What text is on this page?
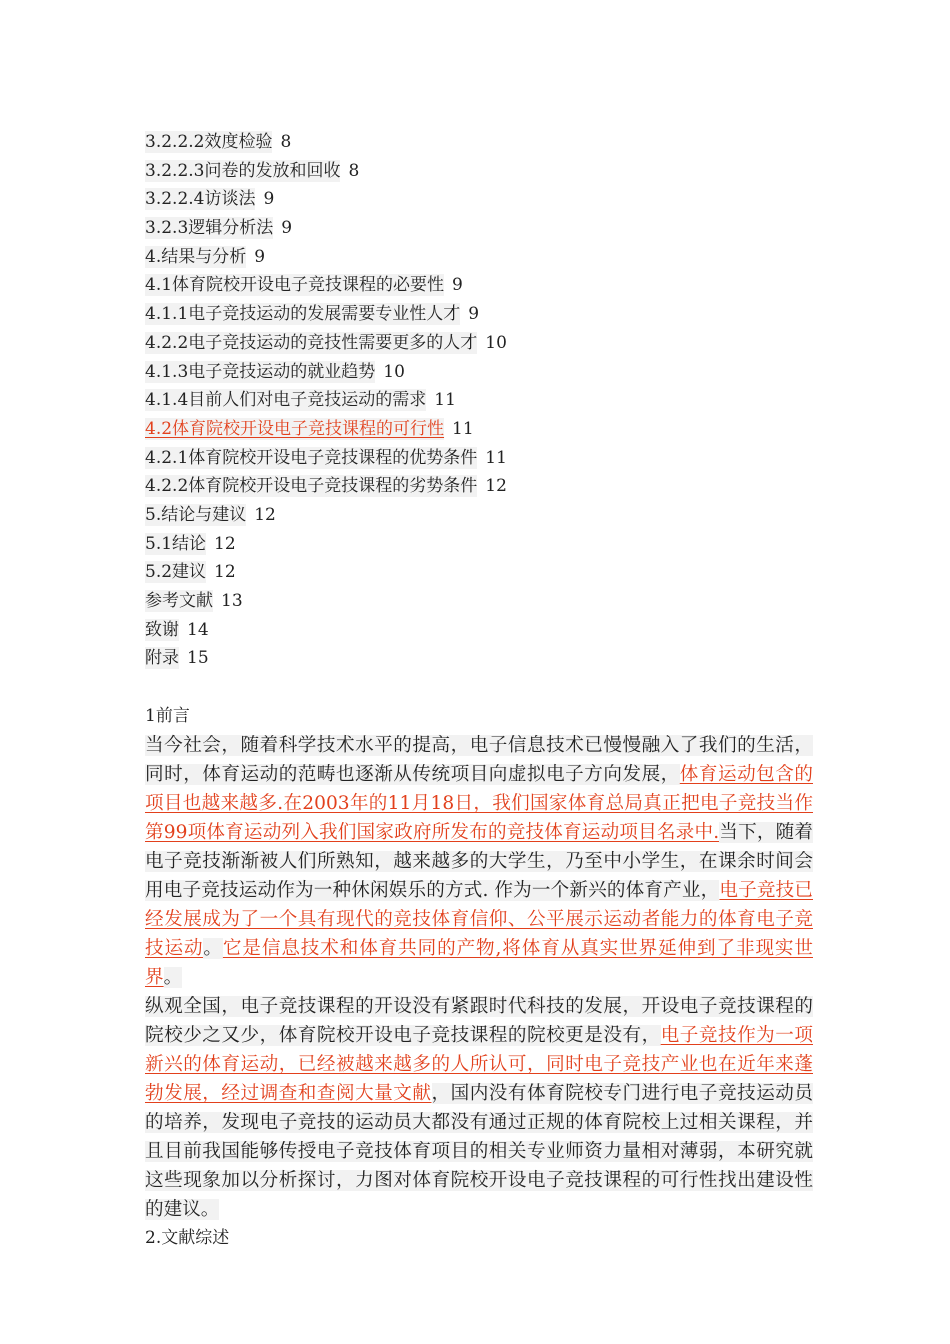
3.2.2.2效度检验 8
3.2.2.3问卷的发放和回收 8
3.2.2.4访谈法 9
3.2.3逻辑分析法 9
4.结果与分析 9
4.1体育院校开设电子竞技课程的必要性 9
4.1.1电子竞技运动的发展需要专业性人才 9
4.2.2电子竞技运动的竞技性需要更多的人才 10
4.1.3电子竞技运动的就业趋势 10
4.1.4目前人们对电子竞技运动的需求 11
4.2体育院校开设电子竞技课程的可行性 11
4.2.1体育院校开设电子竞技课程的优势条件 11
4.2.2体育院校开设电子竞技课程的劣势条件 12
5.结论与建议 12
5.1结论 12
5.2建议 12
参考文献 13
致谢 14
附录 15

1前言

当今社会，随着科学技术水平的提高，电子信息技术已慢慢融入了我们的生活，同时，体育运动的范畴也逐渐从传统项目向虚拟电子方向发展，体育运动包含的项目也越来越多.在2003年的11月18日，我们国家体育总局真正把电子竞技当作第99项体育运动列入我们国家政府所发布的竞技体育运动项目名录中.当下，随着电子竞技渐渐被人们所熟知，越来越多的大学生，乃至中小学生，在课余时间会用电子竞技运动作为一种休闲娱乐的方式. 作为一个新兴的体育产业，电子竞技已经发展成为了一个具有现代的竞技体育信仰、公平展示运动者能力的体育电子竞技运动。它是信息技术和体育共同的产物,将体育从真实世界延伸到了非现实世界。

纵观全国，电子竞技课程的开设没有紧跟时代科技的发展，开设电子竞技课程的院校少之又少，体育院校开设电子竞技课程的院校更是没有，电子竞技作为一项新兴的体育运动，已经被越来越多的人所认可，同时电子竞技产业也在近年来蓬勃发展，经过调查和查阅大量文献，国内没有体育院校专门进行电子竞技运动员的培养，发现电子竞技的运动员大都没有通过正规的体育院校上过相关课程，并且目前我国能够传授电子竞技体育项目的相关专业师资力量相对薄弱，本研究就这些现象加以分析探讨，力图对体育院校开设电子竞技课程的可行性找出建设性的建议。

2.文献综述
